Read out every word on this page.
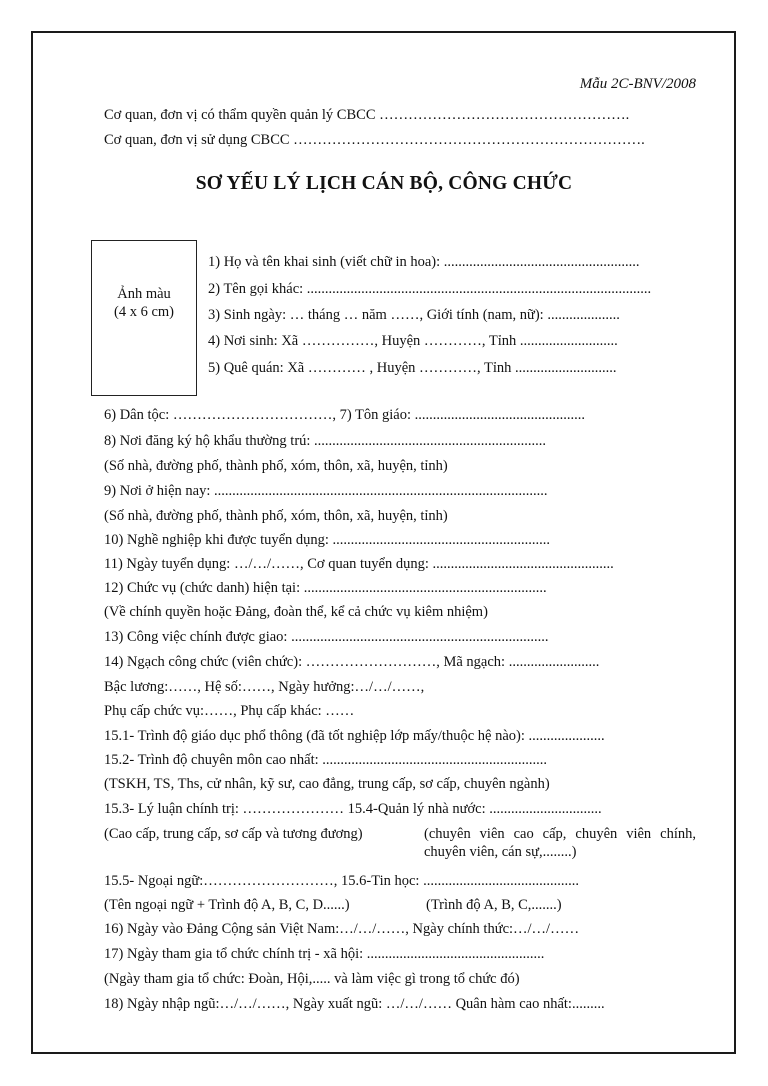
Mẫu 2C-BNV/2008
Cơ quan, đơn vị có thẩm quyền quản lý CBCC …………………………………………….
Cơ quan, đơn vị sử dụng CBCC ……………………………………………………………….
SƠ YẾU LÝ LỊCH CÁN BỘ, CÔNG CHỨC
Ảnh màu
(4 x 6 cm)
1) Họ và tên khai sinh (viết chữ in hoa): ......................................................
2) Tên gọi khác: ...............................................................................................
3) Sinh ngày: … tháng … năm ……, Giới tính (nam, nữ): ....................
4) Nơi sinh: Xã ……………, Huyện …………, Tỉnh ...........................
5) Quê quán: Xã ………… , Huyện …………, Tỉnh ............................
6) Dân tộc: ……………………………, 7) Tôn giáo: ...............................................
8) Nơi đăng ký hộ khẩu thường trú: ................................................................
(Số nhà, đường phố, thành phố, xóm, thôn, xã, huyện, tỉnh)
9) Nơi ở hiện nay: ............................................................................................
(Số nhà, đường phố, thành phố, xóm, thôn, xã, huyện, tỉnh)
10) Nghề nghiệp khi được tuyển dụng: ............................................................
11) Ngày tuyển dụng: …/…/……, Cơ quan tuyển dụng: ..................................................
12) Chức vụ (chức danh) hiện tại: ...................................................................
(Về chính quyền hoặc Đảng, đoàn thể, kể cả chức vụ kiêm nhiệm)
13) Công việc chính được giao: .......................................................................
14) Ngạch công chức (viên chức): ………………………, Mã ngạch: .........................
Bậc lương:……, Hệ số:……, Ngày hưởng:…/…/……,
Phụ cấp chức vụ:……, Phụ cấp khác: ……
15.1- Trình độ giáo dục phổ thông (đã tốt nghiệp lớp mấy/thuộc hệ nào): .....................
15.2- Trình độ chuyên môn cao nhất: ..............................................................
(TSKH, TS, Ths, cử nhân, kỹ sư, cao đẳng, trung cấp, sơ cấp, chuyên ngành)
15.3- Lý luận chính trị: ………………… 15.4-Quản lý nhà nước: ...............................
(Cao cấp, trung cấp, sơ cấp và tương đương)	(chuyên viên cao cấp, chuyên viên chính, chuyên viên, cán sự,........)
15.5- Ngoại ngữ:………………………, 15.6-Tin học: ...........................................
(Tên ngoại ngữ + Trình độ A, B, C, D......)	(Trình độ A, B, C,.......)
16) Ngày vào Đảng Cộng sản Việt Nam:…/…/……, Ngày chính thức:…/…/……
17) Ngày tham gia tổ chức chính trị - xã hội: .................................................
(Ngày tham gia tổ chức: Đoàn, Hội,..... và làm việc gì trong tổ chức đó)
18) Ngày nhập ngũ:…/…/……, Ngày xuất ngũ: …/…/…… Quân hàm cao nhất:.........
